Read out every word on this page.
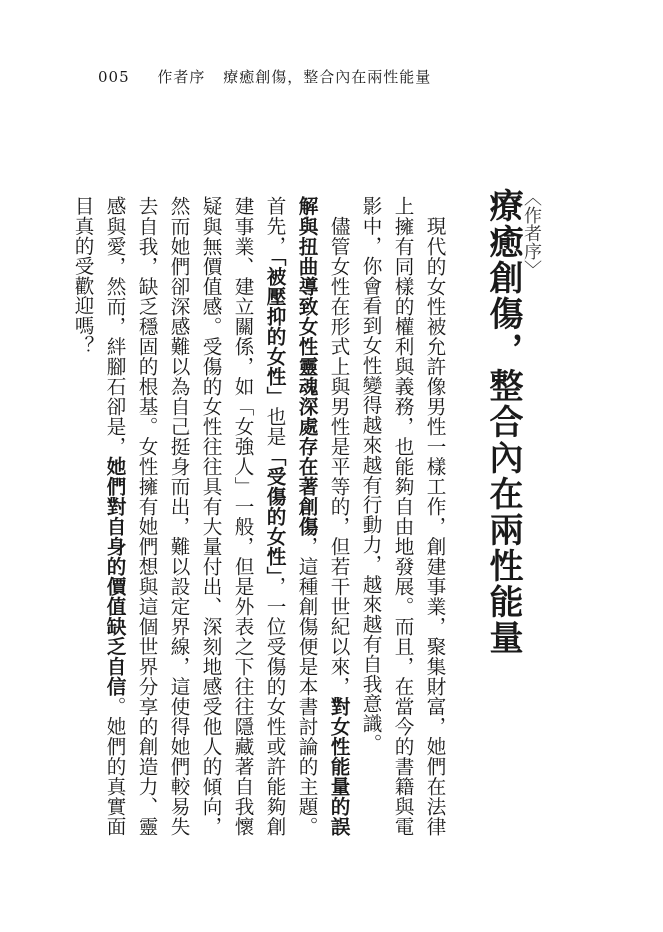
005 作者序 療癒創傷，整合內在兩性能量
〈作者序〉
療癒創傷，整合內在兩性能量

現代的女性被允許像男性一樣工作，創建事業，聚集財富，她們在法律上擁有同樣的權利與義務，也能夠自由地發展。而且，在當今的書籍與電影中，你會看到女性變得越來越有行動力，越來越有自我意識。

儘管女性在形式上與男性是平等的，但若干世紀以來，對女性能量的誤解與扭曲導致女性靈魂深處存在著創傷，這種創傷便是本書討論的主題。首先，「被壓抑的女性」也是「受傷的女性」，一位受傷的女性或許能夠創建事業、建立關係，如「女強人」一般，但是外表之下往往隱藏著自我懷疑與無價值感。受傷的女性往往具有大量付出、深刻地感受他人的傾向，然而她們卻深感難以為自己挺身而出，難以設定界線，這使得她們較易失去自我，缺乏穩固的根基。女性擁有她們想與這個世界分享的創造力、靈感與愛，然而，絆腳石卻是，她們對自身的價值缺乏自信。她們的真實面目真的受歡迎嗎？
